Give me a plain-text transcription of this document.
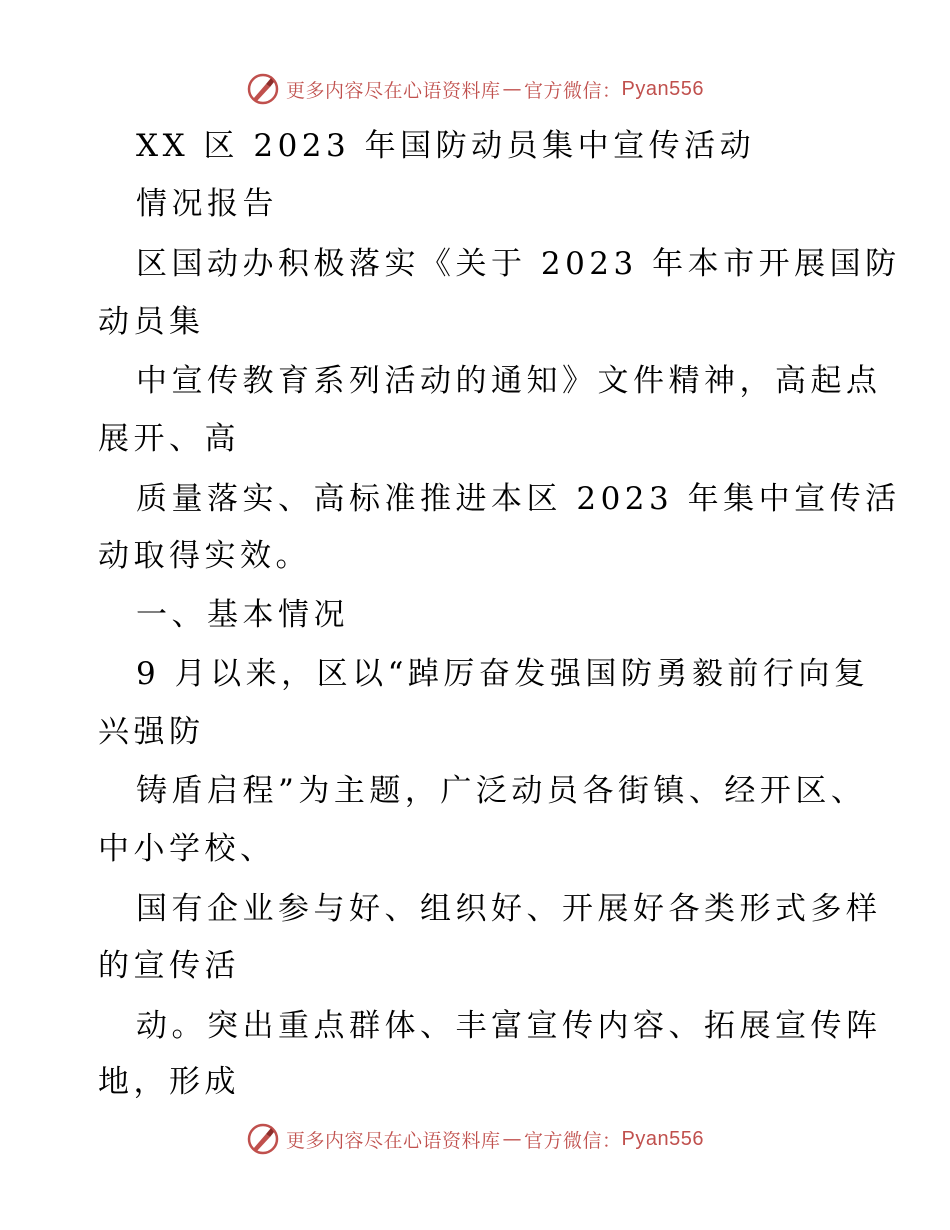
更多内容尽在心语资料库 — 官方微信： Pyan556
XX 区 2023 年国防动员集中宣传活动
情况报告
区国动办积极落实《关于 2023 年本市开展国防
动员集
中宣传教育系列活动的通知》文件精神，高起点
展开、高
质量落实、高标准推进本区 2023 年集中宣传活
动取得实效。
一、基本情况
9 月以来，区以“踔厉奋发强国防勇毅前行向复
兴强防
铸盾启程”为主题，广泛动员各街镇、经开区、
中小学校、
国有企业参与好、组织好、开展好各类形式多样
的宣传活
动。突出重点群体、丰富宣传内容、拓展宣传阵
地，形成
更多内容尽在心语资料库 — 官方微信： Pyan556
